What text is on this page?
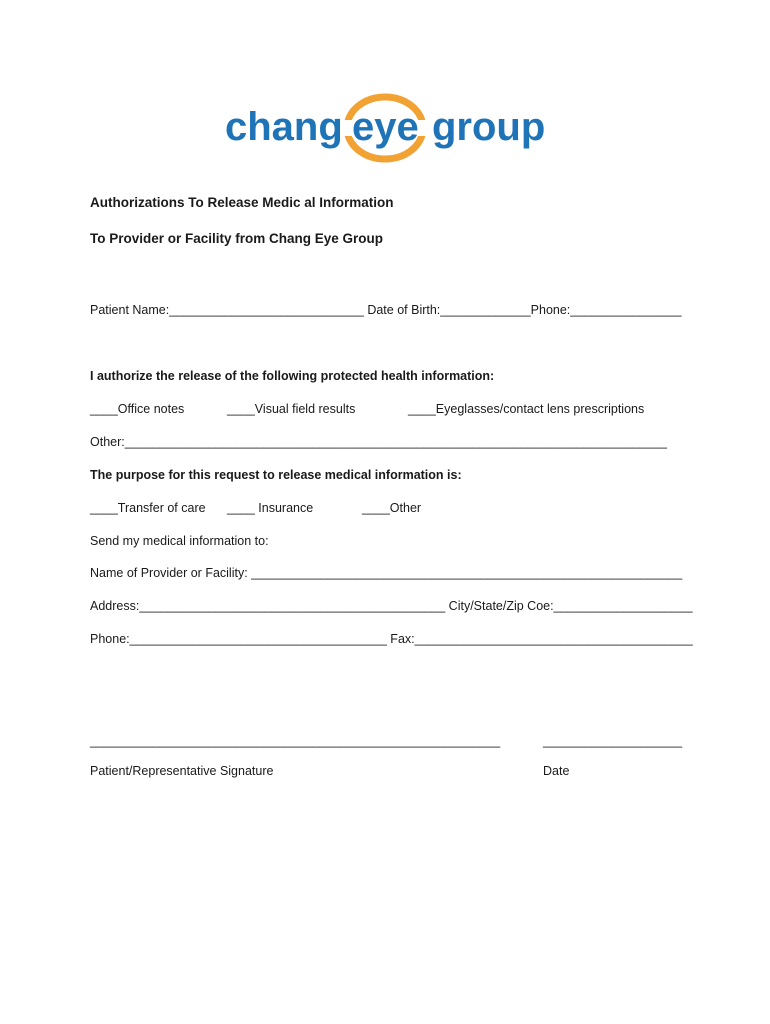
chang eye group
Authorizations To Release Medic al Information
To Provider or Facility from Chang Eye Group
Patient Name:____________________________ Date of Birth:_____________Phone:________________
I authorize the release of the following protected health information:
____Office notes	____Visual field results	____Eyeglasses/contact lens prescriptions
Other:______________________________________________________________________________
The purpose for this request to release medical information is:
____Transfer of care ____ Insurance	____Other
Send my medical information to:
Name of Provider or Facility: ______________________________________________________________
Address:____________________________________________ City/State/Zip Coe:____________________
Phone:_____________________________________ Fax:________________________________________
___________________________________________________________	____________________
Patient/Representative Signature	Date
